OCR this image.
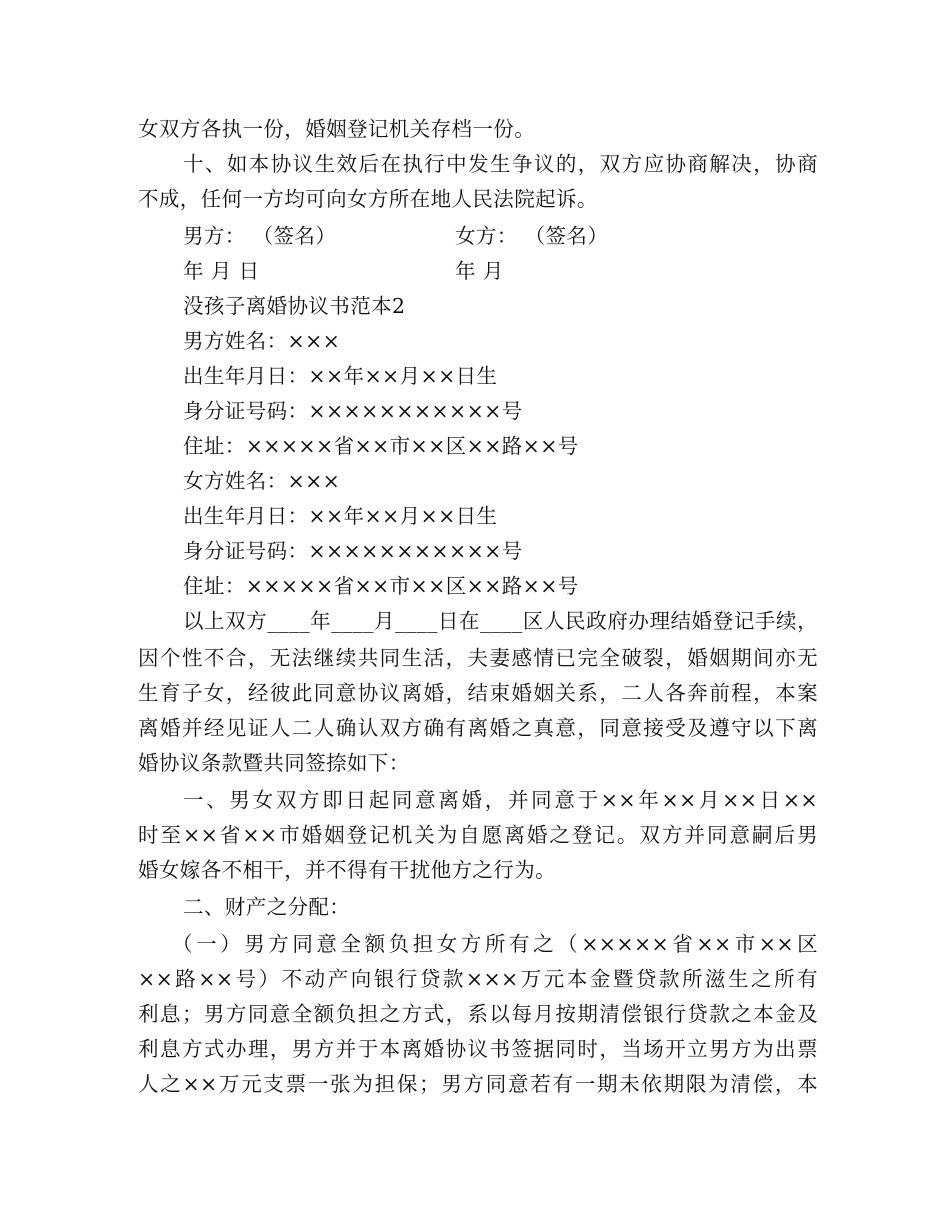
女双方各执一份，婚姻登记机关存档一份。
十、如本协议生效后在执行中发生争议的，双方应协商解决，协商
不成，任何一方均可向女方所在地人民法院起诉。
男方： （签名）	女方： （签名）
年 月 日	年 月
没孩子离婚协议书范本2
男方姓名：×××
出生年月日：××年××月××日生
身分证号码：×××××××××××号
住址：×××××省××市××区××路××号
女方姓名：×××
出生年月日：××年××月××日生
身分证号码：×××××××××××号
住址：×××××省××市××区××路××号
以上双方____年____月____日在____区人民政府办理结婚登记手续，
因个性不合，无法继续共同生活，夫妻感情已完全破裂，婚姻期间亦无
生育子女，经彼此同意协议离婚，结束婚姻关系，二人各奔前程，本案
离婚并经见证人二人确认双方确有离婚之真意，同意接受及遵守以下离
婚协议条款暨共同签捺如下：
一、男女双方即日起同意离婚，并同意于××年××月××日××
时至××省××市婚姻登记机关为自愿离婚之登记。双方并同意嗣后男
婚女嫁各不相干，并不得有干扰他方之行为。
二、财产之分配：
（一）男方同意全额负担女方所有之（×××××省××市××区
××路××号）不动产向银行贷款×××万元本金暨贷款所滋生之所有
利息；男方同意全额负担之方式，系以每月按期清偿银行贷款之本金及
利息方式办理，男方并于本离婚协议书签据同时，当场开立男方为出票
人之××万元支票一张为担保；男方同意若有一期未依期限为清偿，本
